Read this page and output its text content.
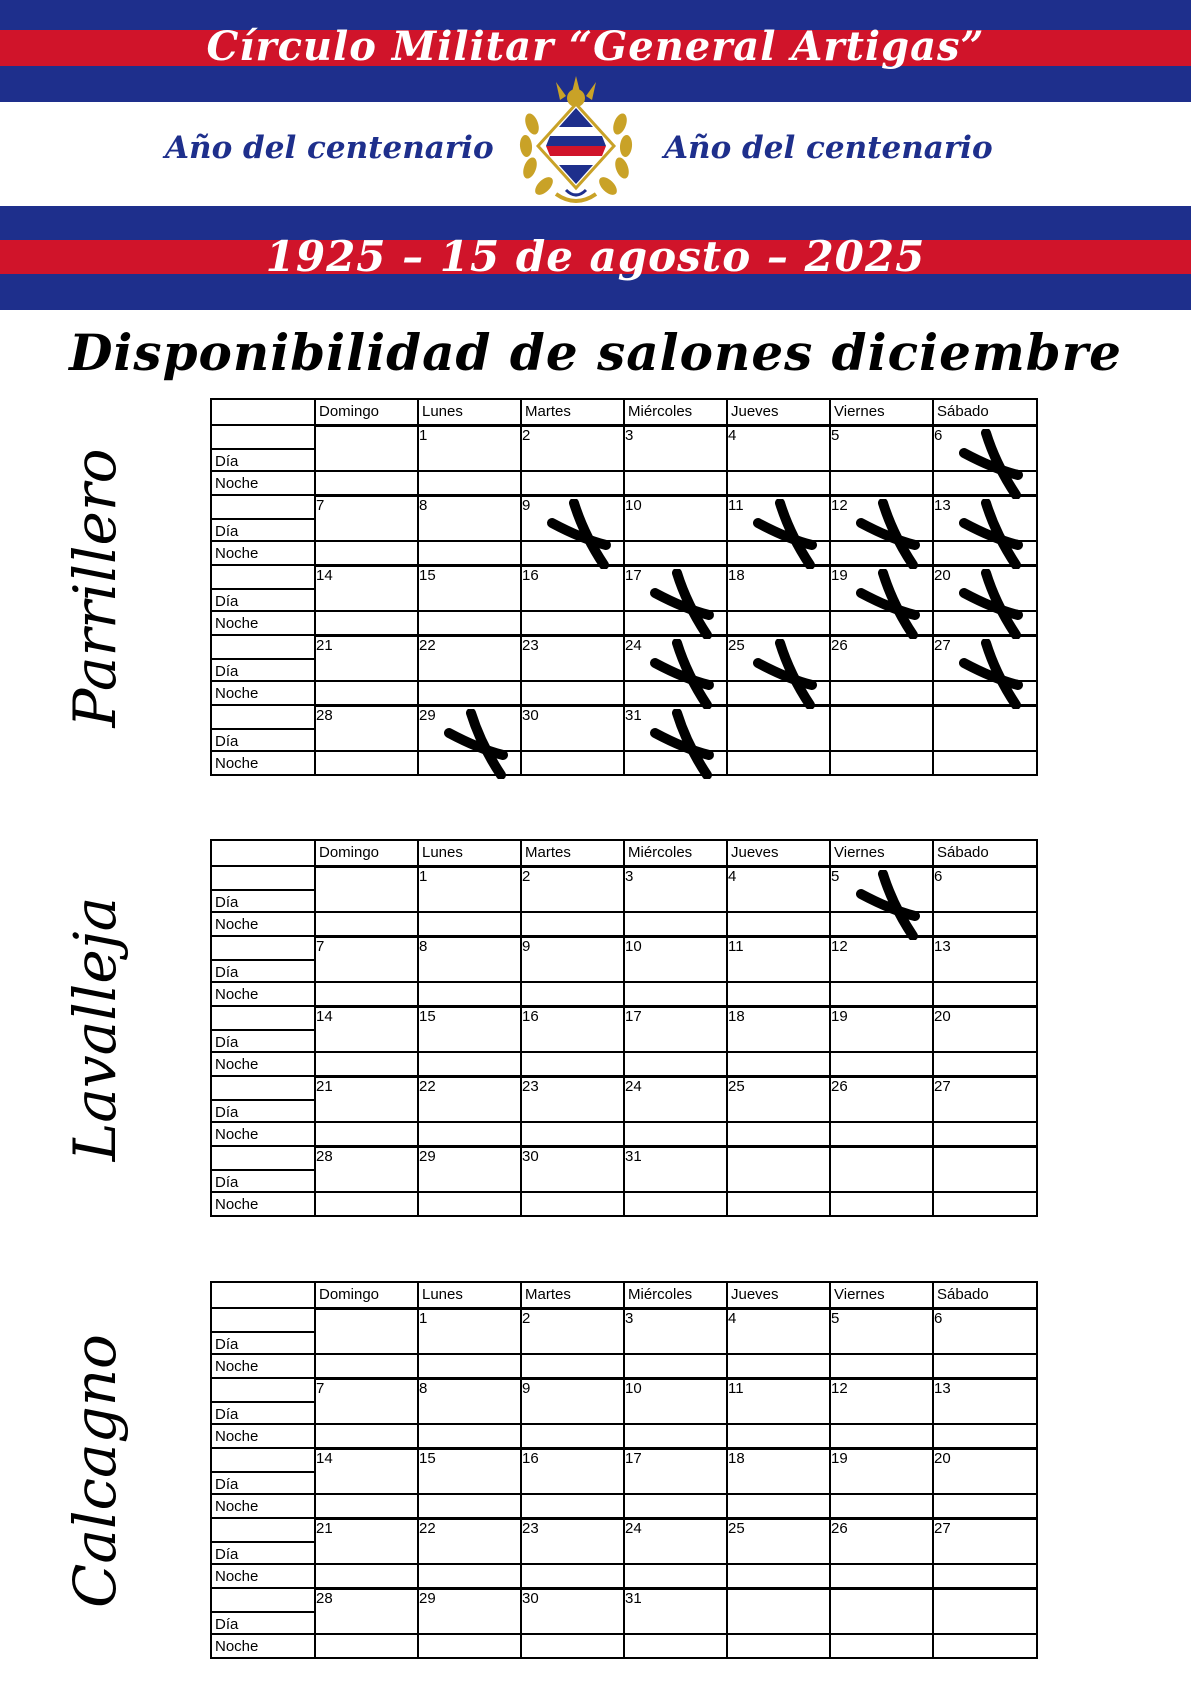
Círculo Militar “General Artigas”
Año del centenario	Año del centenario
1925 – 15 de agosto – 2025
Disponibilidad de salones diciembre
Parrillero
	Domingo	Lunes	Martes	Miércoles	Jueves	Viernes	Sábado
		1	2	3	4	5	6

Día							
Noche							
	7	8	9	10	11	12	13

Día							
Noche							
	14	15	16	17	18	19	20

Día							
Noche							
	21	22	23	24	25	26	27

Día							
Noche							
	28	29	30	31

Día							
Noche							
Lavalleja
	Domingo	Lunes	Martes	Miércoles	Jueves	Viernes	Sábado
		1	2	3	4	5	6
Día							
Noche							
	7	8	9	10	11	12	13
Día							
Noche							
	14	15	16	17	18	19	20
Día							
Noche							
	21	22	23	24	25	26	27
Día							
Noche							
	28	29	30	31			
Día							
Noche							
Calcagno
	Domingo	Lunes	Martes	Miércoles	Jueves	Viernes	Sábado
		1	2	3	4	5	6
Día							
Noche							
	7	8	9	10	11	12	13
Día							
Noche							
	14	15	16	17	18	19	20
Día							
Noche							
	21	22	23	24	25	26	27
Día							
Noche							
	28	29	30	31			
Día							
Noche							
